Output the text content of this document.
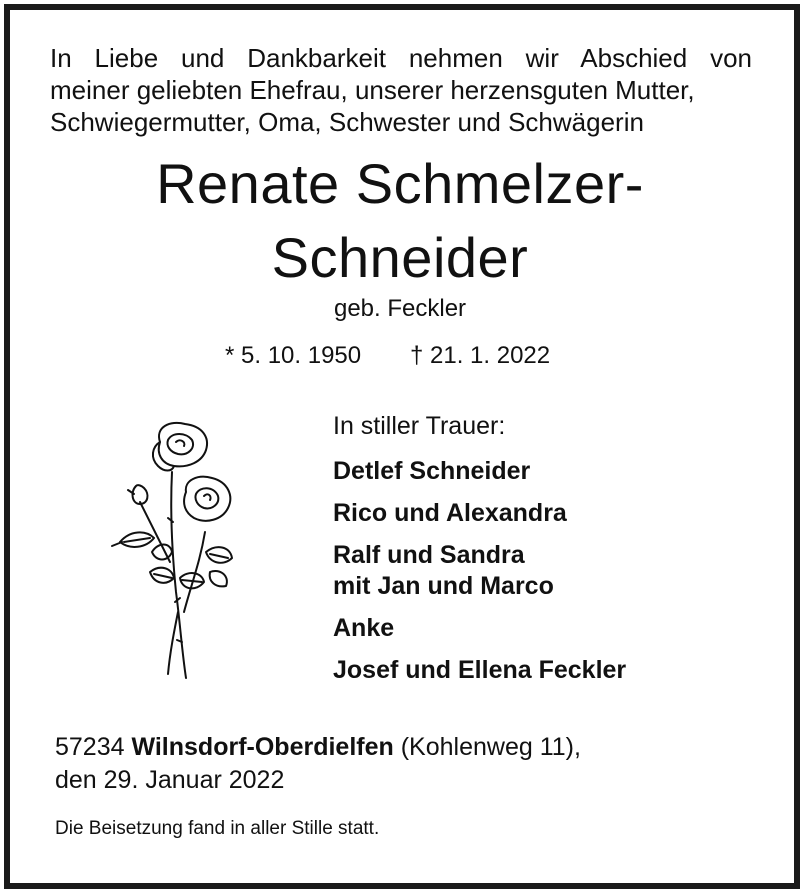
In Liebe und Dankbarkeit nehmen wir Abschied von
meiner geliebten Ehefrau, unserer herzensguten Mutter,
Schwiegermutter, Oma, Schwester und Schwägerin
Renate Schmelzer-
Schneider
geb. Feckler
* 5. 10. 1950 † 21. 1. 2022
In stiller Trauer:
Detlef Schneider
Rico und Alexandra
Ralf und Sandra
mit Jan und Marco
Anke
Josef und Ellena Feckler
57234 Wilnsdorf-Oberdielfen (Kohlenweg 11),
den 29. Januar 2022
Die Beisetzung fand in aller Stille statt.
